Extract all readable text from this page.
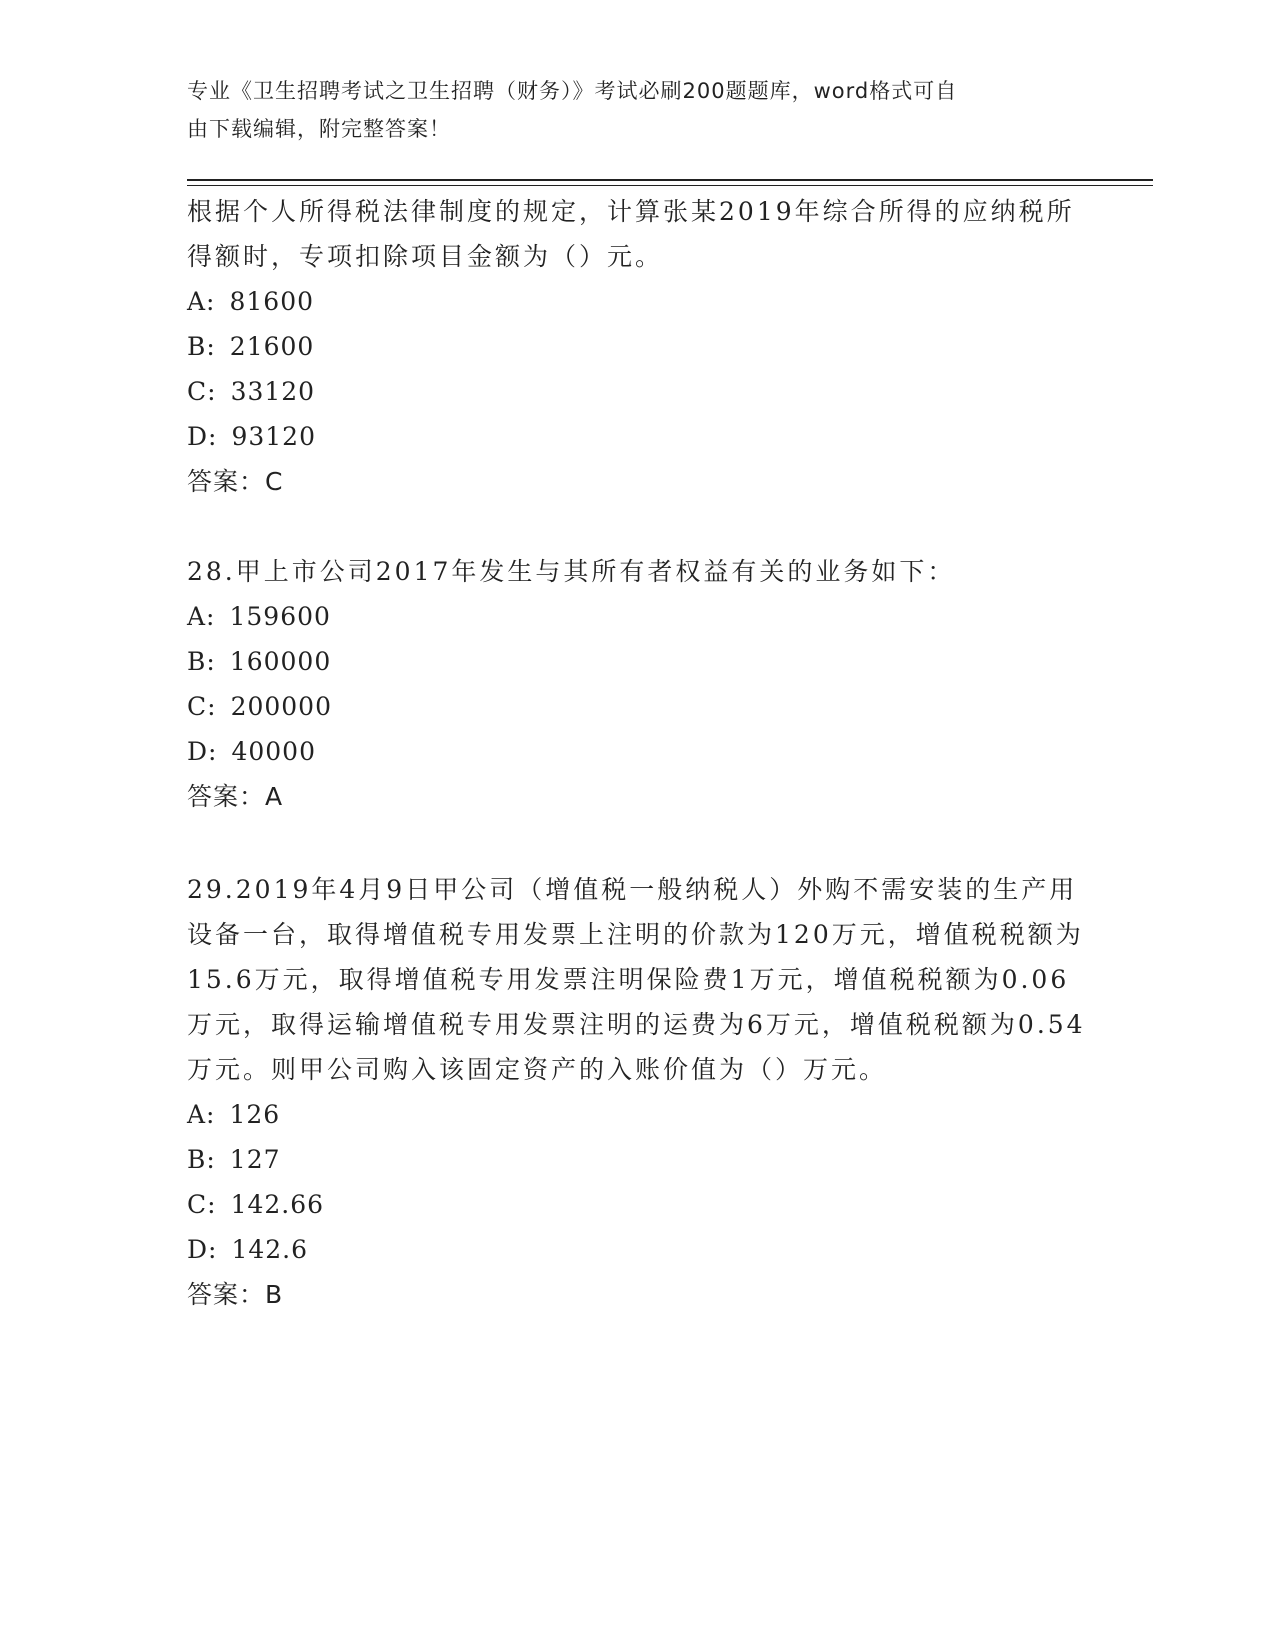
专业《卫生招聘考试之卫生招聘（财务）》考试必刷200题题库，word格式可自
由下载编辑，附完整答案！

根据个人所得税法律制度的规定，计算张某2019年综合所得的应纳税所得额时，专项扣除项目金额为（）元。

A: 81600
B: 21600
C: 33120
D: 93120
答案：C

28.甲上市公司2017年发生与其所有者权益有关的业务如下：

A: 159600
B: 160000
C: 200000
D: 40000
答案：A

29.2019年4月9日甲公司（增值税一般纳税人）外购不需安装的生产用设备一台，取得增值税专用发票上注明的价款为120万元，增值税税额为15.6万元，取得增值税专用发票注明保险费1万元，增值税税额为0.06万元，取得运输增值税专用发票注明的运费为6万元，增值税税额为0.54万元。则甲公司购入该固定资产的入账价值为（）万元。

A: 126
B: 127
C: 142.66
D: 142.6
答案：B
